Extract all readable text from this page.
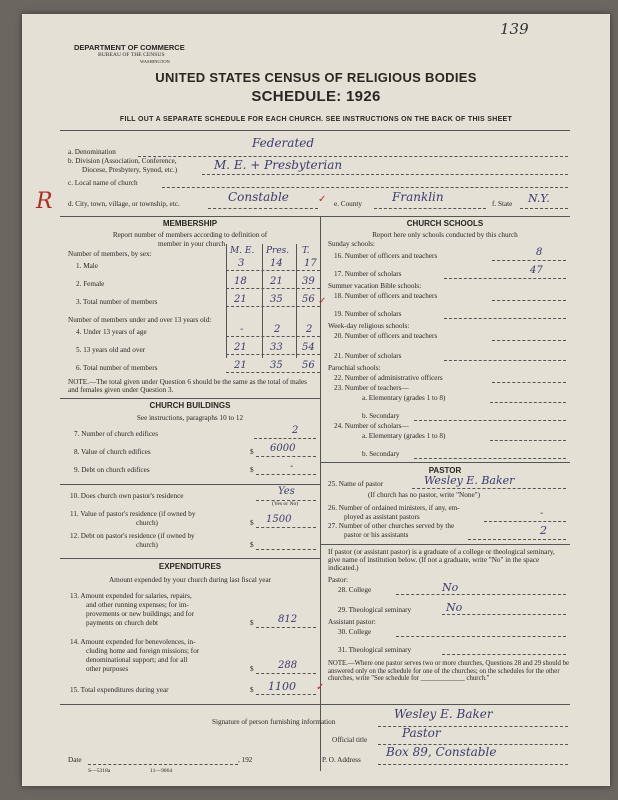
139
DEPARTMENT OF COMMERCE
BUREAU OF THE CENSUS
WASHINGTON
UNITED STATES CENSUS OF RELIGIOUS BODIES
SCHEDULE: 1926
FILL OUT A SEPARATE SCHEDULE FOR EACH CHURCH. SEE INSTRUCTIONS ON THE BACK OF THIS SHEET
a. Denomination
Federated
b. Division (Association, Conference,
Diocese, Presbytery, Synod, etc.)	M. E. + Presbyterian
c. Local name of church
R d. City, town, village, or township, etc.	Constable	✓ e. County	Franklin	f. State N.Y.
MEMBERSHIP
Report number of members according to definition of
member in your church
Number of members, by sex:	M. E. Pres. T.
1. Male	3	14 17
2. Female	18 21 39
3. Total number of members	21 35 56 ✓
Number of members under and over 13 years old:
4. Under 13 years of age	-	2	2
5. 13 years old and over	21 33 54
6. Total number of members	21 35 56
NOTE.—The total given under Question 6 should be the same as the total of males and females given under Question 3.
CHURCH BUILDINGS
See instructions, paragraphs 10 to 12
7. Number of church edifices	2
8. Value of church edifices	$ 6000
9. Debt on church edifices	$	-
10. Does church own pastor's residence	Yes
(Yes or No)
11. Value of pastor's residence (if owned by
church)	$ 1500
12. Debt on pastor's residence (if owned by
church)	$
EXPENDITURES
Amount expended by your church during last fiscal year
13. Amount expended for salaries, repairs,
and other running expenses; for im-
provements or new buildings; and for
payments on church debt	$ 812
14. Amount expended for benevolences, in-
cluding home and foreign missions; for
denominational support; and for all
other purposes	$ 288
15. Total expenditures during year	$ 1100 ✓
CHURCH SCHOOLS
Report here only schools conducted by this church
Sunday schools:
16. Number of officers and teachers	8
17. Number of scholars	47
Summer vacation Bible schools:
18. Number of officers and teachers
19. Number of scholars
Week-day religious schools:
20. Number of officers and teachers
21. Number of scholars
Parochial schools:
22. Number of administrative officers
23. Number of teachers—
a. Elementary (grades 1 to 8)
b. Secondary
24. Number of scholars—
a. Elementary (grades 1 to 8)
b. Secondary
PASTOR
25. Name of pastor	Wesley E. Baker
(If church has no pastor, write "None")
26. Number of ordained ministers, if any, em-
ployed as assistant pastors	-
27. Number of other churches served by the
pastor or his assistants	2
If pastor (or assistant pastor) is a graduate of a college or theological seminary, give name of institution below. (If not a graduate, write "No" in the space indicated.)
Pastor:
28. College	No
29. Theological seminary	No
Assistant pastor:
30. College
31. Theological seminary
NOTE.—Where one pastor serves two or more churches, Questions 28 and 29 should be answered only on the schedule for one of the churches; on the schedules for the other churches, write "See schedule for _____________ church."
Signature of person furnishing information
Wesley E. Baker
Official title	Pastor
Date	, 192	P. O. Address
Box 89, Constable
S—5318a	11—9064
